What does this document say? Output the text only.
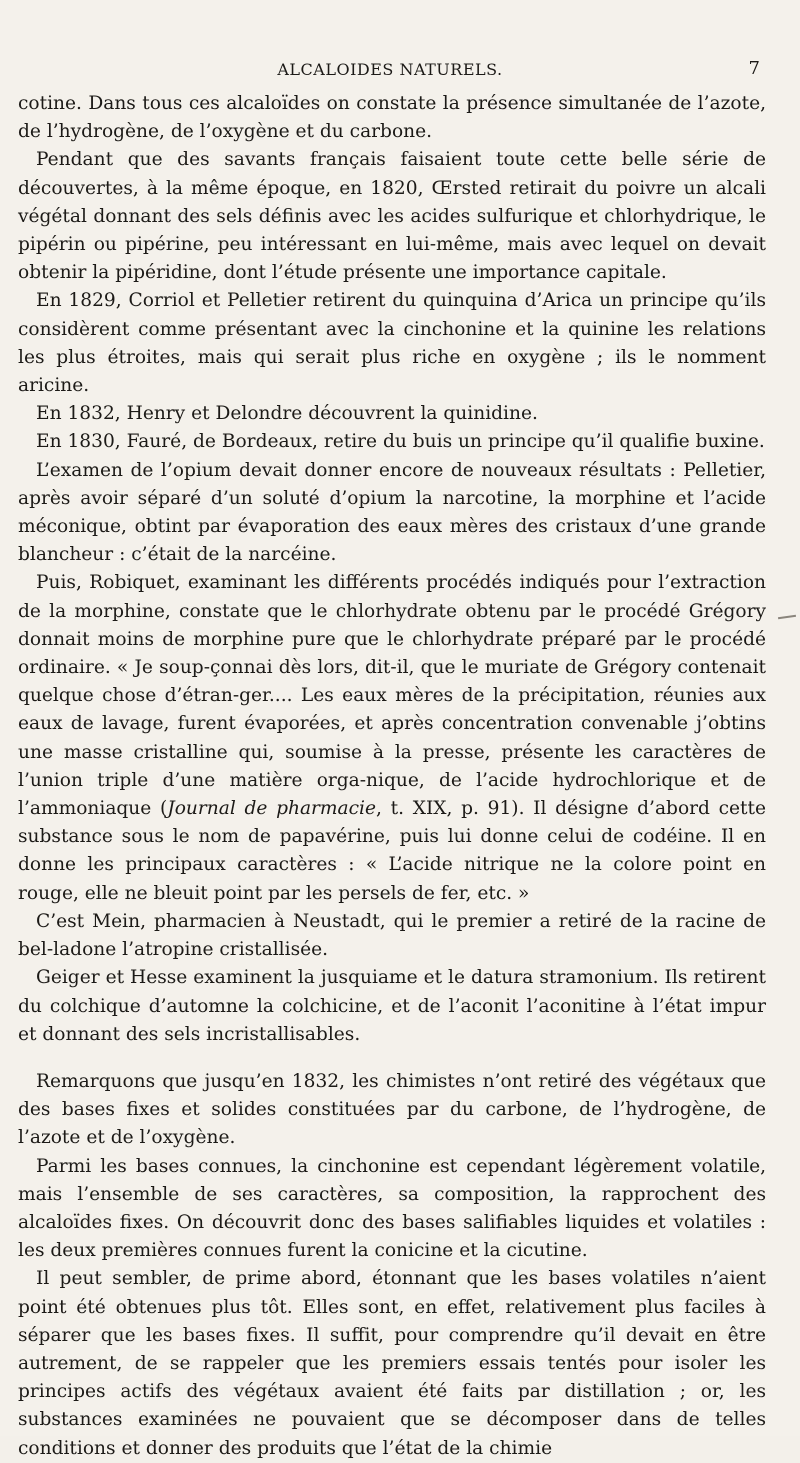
ALCALOIDES NATURELS.	7

cotine. Dans tous ces alcaloïdes on constate la présence simultanée de l’azote, de l’hydrogène, de l’oxygène et du carbone.

Pendant que des savants français faisaient toute cette belle série de découvertes, à la même époque, en 1820, Œrsted retirait du poivre un alcali végétal donnant des sels définis avec les acides sulfurique et chlorhydrique, le pipérin ou pipérine, peu intéressant en lui-même, mais avec lequel on devait obtenir la pipéridine, dont l’étude présente une importance capitale.

En 1829, Corriol et Pelletier retirent du quinquina d’Arica un principe qu’ils considèrent comme présentant avec la cinchonine et la quinine les relations les plus étroites, mais qui serait plus riche en oxygène ; ils le nomment aricine.

En 1832, Henry et Delondre découvrent la quinidine.

En 1830, Fauré, de Bordeaux, retire du buis un principe qu’il qualifie buxine.

L’examen de l’opium devait donner encore de nouveaux résultats : Pelletier, après avoir séparé d’un soluté d’opium la narcotine, la morphine et l’acide méconique, obtint par évaporation des eaux mères des cristaux d’une grande blancheur : c’était de la narcéine.

Puis, Robiquet, examinant les différents procédés indiqués pour l’extraction de la morphine, constate que le chlorhydrate obtenu par le procédé Grégory donnait moins de morphine pure que le chlorhydrate préparé par le procédé ordinaire. « Je soup-çonnai dès lors, dit-il, que le muriate de Grégory contenait quelque chose d’étran-ger.... Les eaux mères de la précipitation, réunies aux eaux de lavage, furent évaporées, et après concentration convenable j’obtins une masse cristalline qui, soumise à la presse, présente les caractères de l’union triple d’une matière orga-nique, de l’acide hydrochlorique et de l’ammoniaque (Journal de pharmacie, t. XIX, p. 91). Il désigne d’abord cette substance sous le nom de papavérine, puis lui donne celui de codéine. Il en donne les principaux caractères : « L’acide nitrique ne la colore point en rouge, elle ne bleuit point par les persels de fer, etc. »

C’est Mein, pharmacien à Neustadt, qui le premier a retiré de la racine de bel-ladone l’atropine cristallisée.

Geiger et Hesse examinent la jusquiame et le datura stramonium. Ils retirent du colchique d’automne la colchicine, et de l’aconit l’aconitine à l’état impur et donnant des sels incristallisables.

Remarquons que jusqu’en 1832, les chimistes n’ont retiré des végétaux que des bases fixes et solides constituées par du carbone, de l’hydrogène, de l’azote et de l’oxygène.

Parmi les bases connues, la cinchonine est cependant légèrement volatile, mais l’ensemble de ses caractères, sa composition, la rapprochent des alcaloïdes fixes. On découvrit donc des bases salifiables liquides et volatiles : les deux premières connues furent la conicine et la cicutine.

Il peut sembler, de prime abord, étonnant que les bases volatiles n’aient point été obtenues plus tôt. Elles sont, en effet, relativement plus faciles à séparer que les bases fixes. Il suffit, pour comprendre qu’il devait en être autrement, de se rappeler que les premiers essais tentés pour isoler les principes actifs des végétaux avaient été faits par distillation ; or, les substances examinées ne pouvaient que se décomposer dans de telles conditions et donner des produits que l’état de la chimie
